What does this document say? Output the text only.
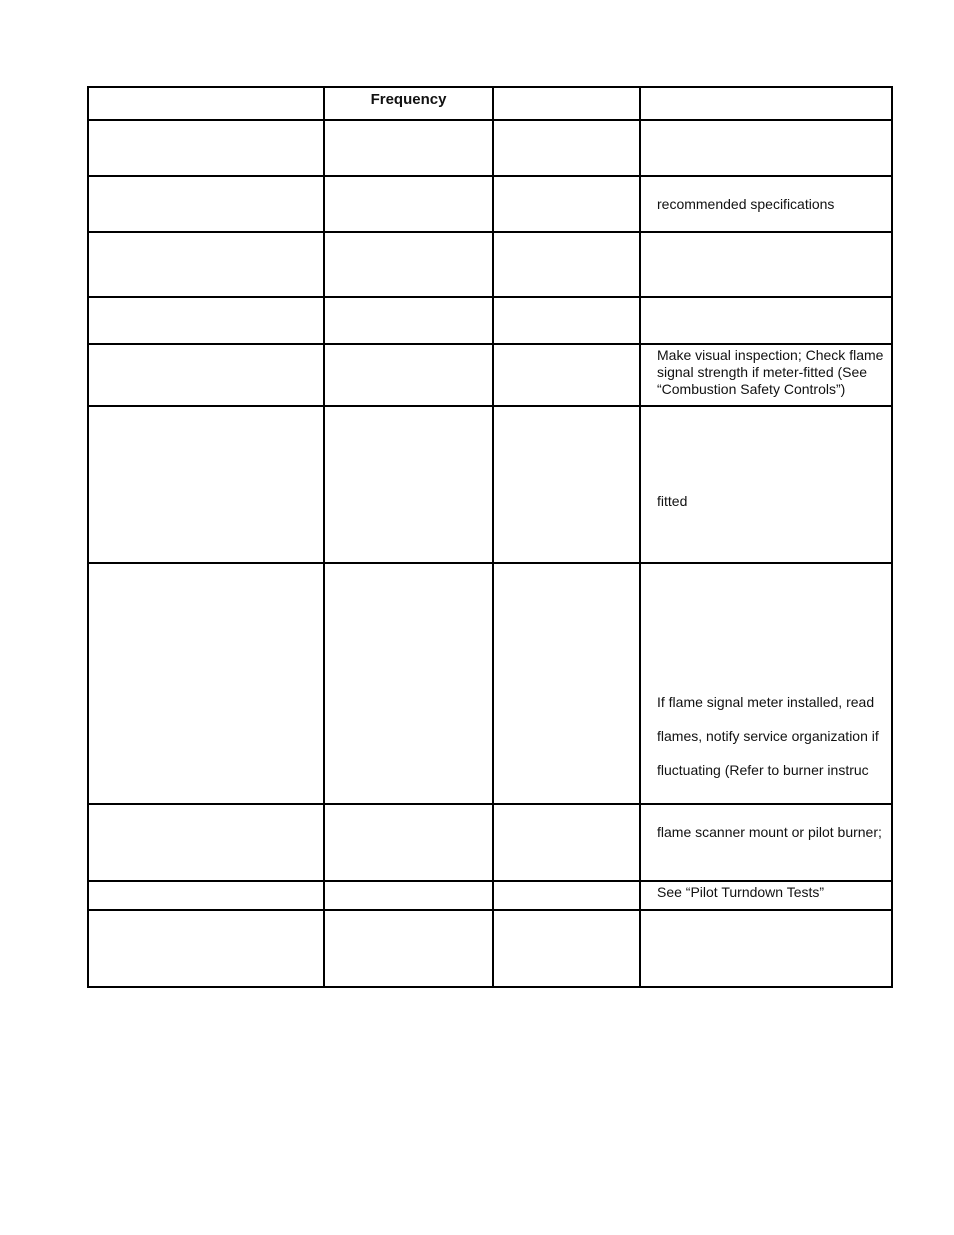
	Frequency		

			recommended specifications

			Make visual inspection; Check flame signal strength if meter-fitted (See “Combustion Safety Controls”)

			fitted

			If flame signal meter installed, read
flames, notify service organization if
fluctuating (Refer to burner instruc

			flame scanner mount or pilot burner;

			See “Pilot Turndown Tests”
